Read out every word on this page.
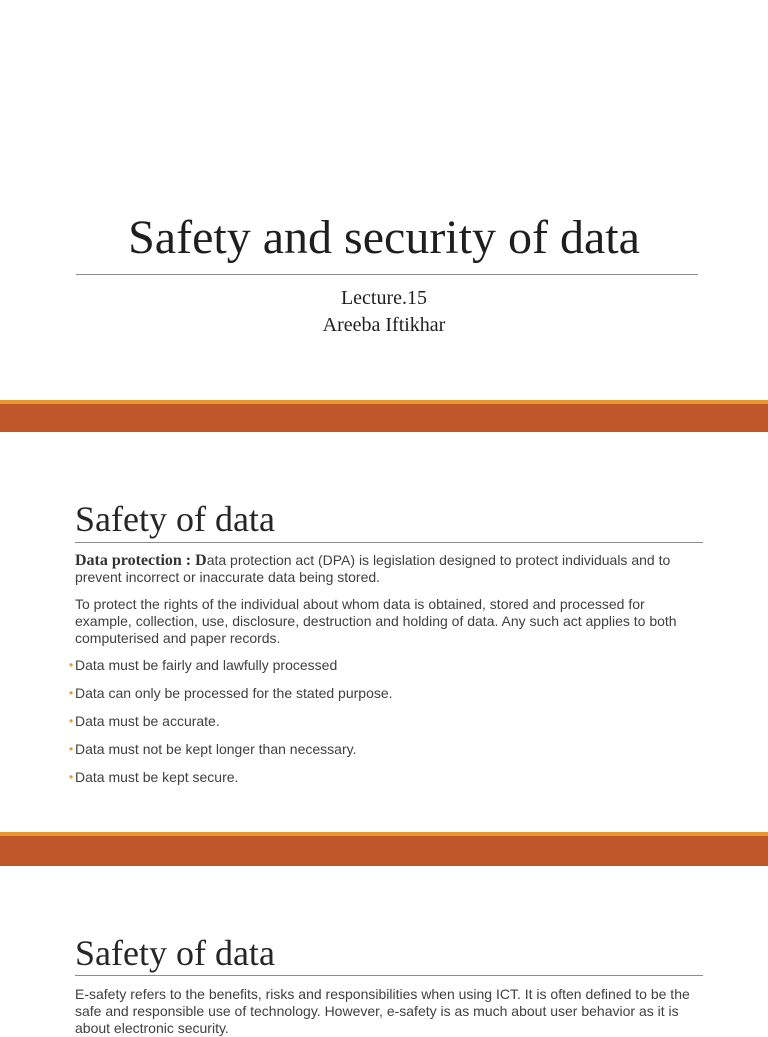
Safety and security of data
Lecture.15
Areeba Iftikhar
Safety of data

Data protection : Data protection act (DPA) is legislation designed to protect individuals and to prevent incorrect or inaccurate data being stored.

To protect the rights of the individual about whom data is obtained, stored and processed for example, collection, use, disclosure, destruction and holding of data. Any such act applies to both computerised and paper records.

• Data must be fairly and lawfully processed
• Data can only be processed for the stated purpose.
• Data must be accurate.
• Data must not be kept longer than necessary.
• Data must be kept secure.
Safety of data
E-safety refers to the benefits, risks and responsibilities when using ICT. It is often defined to be the safe and responsible use of technology. However, e-safety is as much about user behavior as it is about electronic security.
